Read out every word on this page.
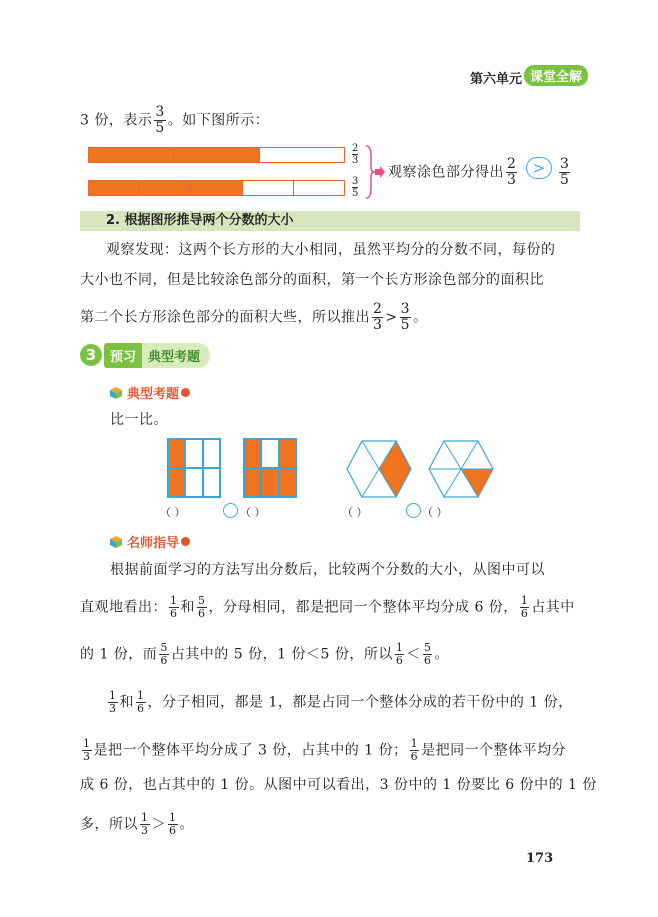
第六单元 课堂全解
3 份，表示 $\frac{3}{5}$ 。如下图所示：
$\frac{2}{3}$
$\frac{3}{5}$
观察涂色部分得出 $\frac{2}{3} > \frac{3}{5}$
2. 根据图形推导两个分数的大小
观察发现：这两个长方形的大小相同，虽然平均分的分数不同，每份的
大小也不同，但是比较涂色部分的面积，第一个长方形涂色部分的面积比
第二个长方形涂色部分的面积大些，所以推出 $\frac{2}{3} > \frac{3}{5}$ 。
3	预习 典型考题
典型考题
比一比。
（ ）	（ ）	（ ）	（ ）
名师指导
根据前面学习的方法写出分数后，比较两个分数的大小，从图中可以
直观地看出： $\frac{1}{6}$ 和 $\frac{5}{6}$ ，分母相同，都是把同一个整体平均分成 6 份， $\frac{1}{6}$ 占其中
的 1 份，而 $\frac{5}{6}$ 占其中的 5 份，1 份＜5 份，所以 $\frac{1}{6} < \frac{5}{6}$ 。
$\frac{1}{3}$ 和 $\frac{1}{6}$ ，分子相同，都是 1，都是占同一个整体分成的若干份中的 1 份，
$\frac{1}{3}$ 是把一个整体平均分成了 3 份，占其中的 1 份； $\frac{1}{6}$ 是把同一个整体平均分
成 6 份，也占其中的 1 份。从图中可以看出，3 份中的 1 份要比 6 份中的 1 份
多，所以 $\frac{1}{3} > \frac{1}{6}$ 。
173
